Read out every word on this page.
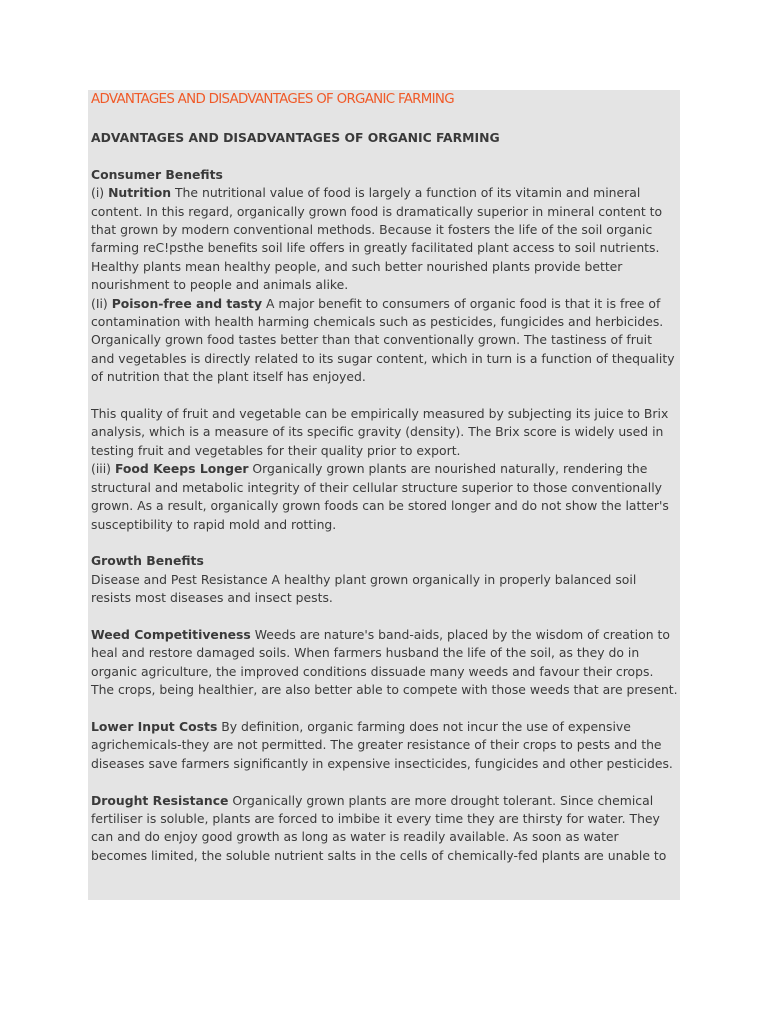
ADVANTAGES AND DISADVANTAGES OF ORGANIC FARMING
ADVANTAGES AND DISADVANTAGES OF ORGANIC FARMING
Consumer Benefits

(i) Nutrition The nutritional value of food is largely a function of its vitamin and mineral content. In this regard, organically grown food is dramatically superior in mineral content to that grown by modern conventional methods. Because it fosters the life of the soil organic farming reC!psthe benefits soil life offers in greatly facilitated plant access to soil nutrients. Healthy plants mean healthy people, and such better nourished plants provide better nourishment to people and animals alike.

(Ii) Poison-free and tasty A major benefit to consumers of organic food is that it is free of contamination with health harming chemicals such as pesticides, fungicides and herbicides. Organically grown food tastes better than that conventionally grown. The tastiness of fruit and vegetables is directly related to its sugar content, which in turn is a function of thequality of nutrition that the plant itself has enjoyed.

This quality of fruit and vegetable can be empirically measured by subjecting its juice to Brix analysis, which is a measure of its specific gravity (density). The Brix score is widely used in testing fruit and vegetables for their quality prior to export.

(iii) Food Keeps Longer Organically grown plants are nourished naturally, rendering the structural and metabolic integrity of their cellular structure superior to those conventionally grown. As a result, organically grown foods can be stored longer and do not show the latter's susceptibility to rapid mold and rotting.

Growth Benefits

Disease and Pest Resistance A healthy plant grown organically in properly balanced soil resists most diseases and insect pests.

Weed Competitiveness Weeds are nature's band-aids, placed by the wisdom of creation to heal and restore damaged soils. When farmers husband the life of the soil, as they do in organic agriculture, the improved conditions dissuade many weeds and favour their crops. The crops, being healthier, are also better able to compete with those weeds that are present.

Lower Input Costs By definition, organic farming does not incur the use of expensive agrichemicals-they are not permitted. The greater resistance of their crops to pests and the diseases save farmers significantly in expensive insecticides, fungicides and other pesticides.

Drought Resistance Organically grown plants are more drought tolerant. Since chemical fertiliser is soluble, plants are forced to imbibe it every time they are thirsty for water. They can and do enjoy good growth as long as water is readily available. As soon as water becomes limited, the soluble nutrient salts in the cells of chemically-fed plants are unable to
